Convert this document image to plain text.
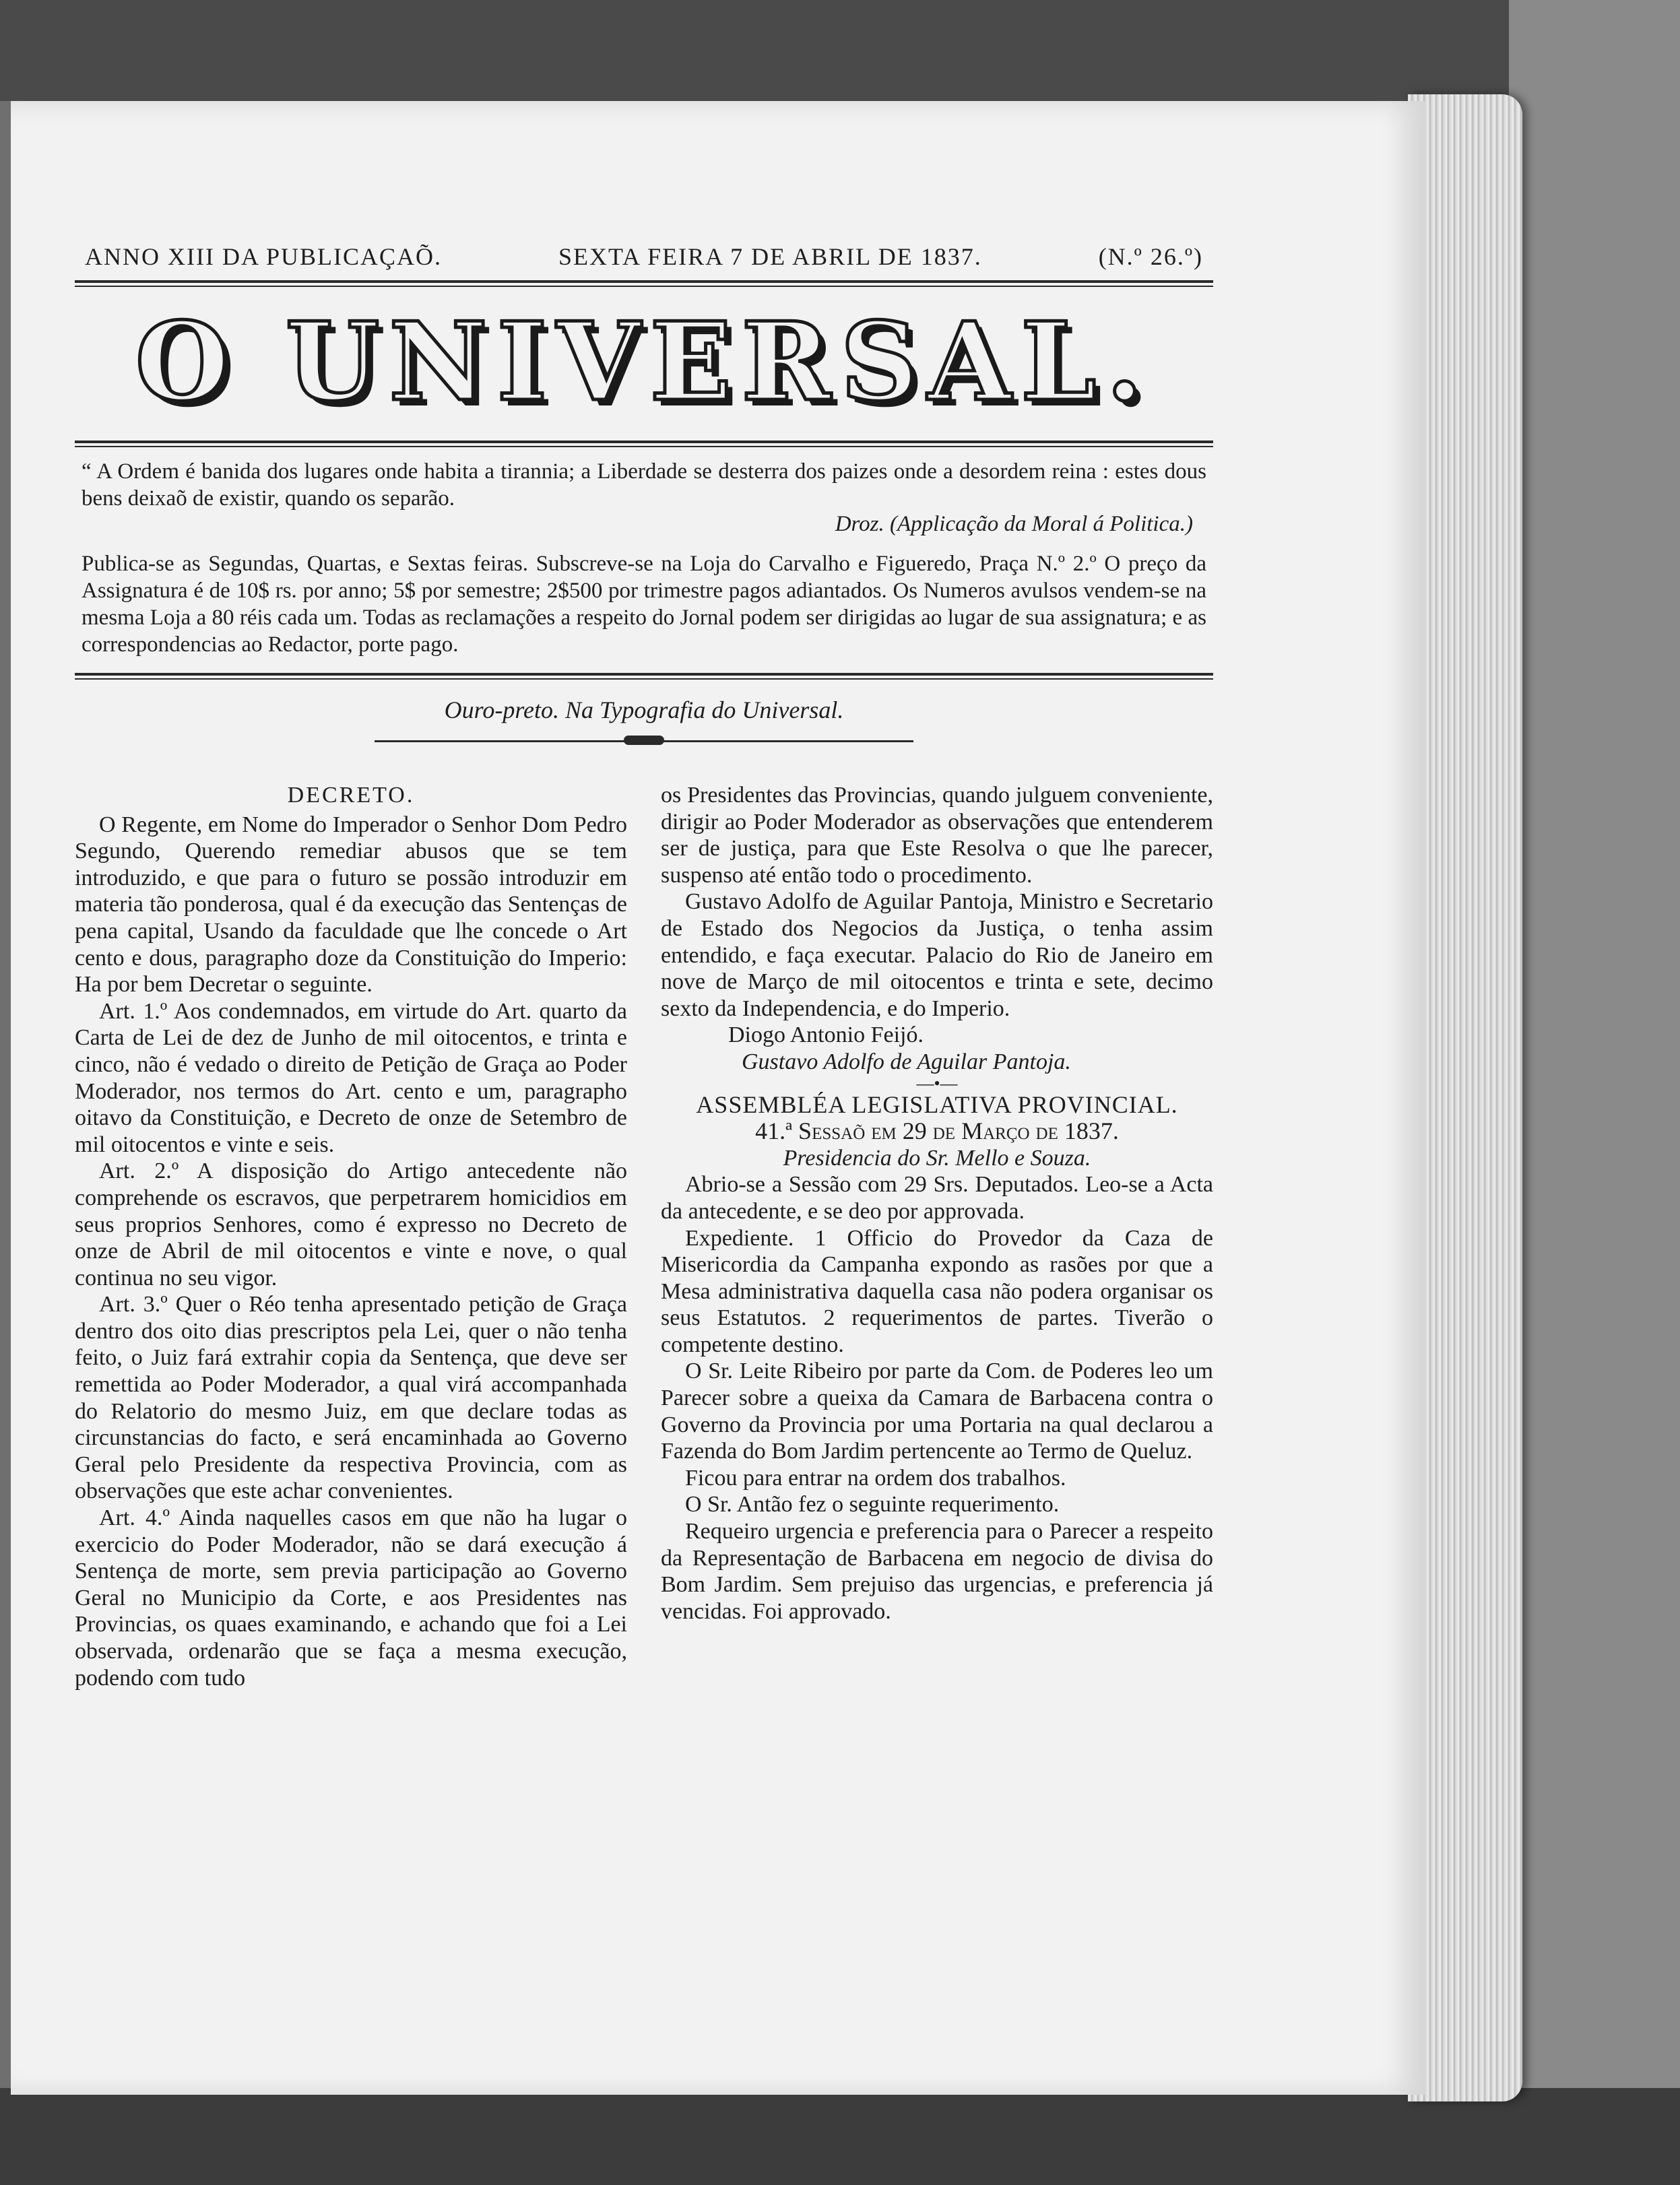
ANNO XIII DA PUBLICAÇAÕ.	SEXTA FEIRA 7 DE ABRIL DE 1837.	(N.º 26.º)
O UNIVERSAL.
“ A Ordem é banida dos lugares onde habita a tirannia; a Liberdade se desterra dos paizes onde a desordem reina : estes dous bens deixaõ de existir, quando os separão.
Droz. (Applicação da Moral á Politica.)
Publica-se as Segundas, Quartas, e Sextas feiras. Subscreve-se na Loja do Carvalho e Figueredo, Praça N.º 2.º O preço da Assignatura é de 10$ rs. por anno; 5$ por semestre; 2$500 por trimestre pagos adiantados. Os Numeros avulsos vendem-se na mesma Loja a 80 réis cada um. Todas as reclamações a respeito do Jornal podem ser dirigidas ao lugar de sua assignatura; e as correspondencias ao Redactor, porte pago.
Ouro-preto. Na Typografia do Universal.
DECRETO.

O Regente, em Nome do Imperador o Senhor Dom Pedro Segundo, Querendo remediar abusos que se tem introduzido, e que para o futuro se possão introduzir em materia tão ponderosa, qual é da execução das Sentenças de pena capital, Usando da faculdade que lhe concede o Art cento e dous, paragrapho doze da Constituição do Imperio: Ha por bem Decretar o seguinte.

Art. 1.º Aos condemnados, em virtude do Art. quarto da Carta de Lei de dez de Junho de mil oitocentos, e trinta e cinco, não é vedado o direito de Petição de Graça ao Poder Moderador, nos termos do Art. cento e um, paragrapho oitavo da Constituição, e Decreto de onze de Setembro de mil oitocentos e vinte e seis.

Art. 2.º A disposição do Artigo antecedente não comprehende os escravos, que perpetrarem homicidios em seus proprios Senhores, como é expresso no Decreto de onze de Abril de mil oitocentos e vinte e nove, o qual continua no seu vigor.

Art. 3.º Quer o Réo tenha apresentado petição de Graça dentro dos oito dias prescriptos pela Lei, quer o não tenha feito, o Juiz fará extrahir copia da Sentença, que deve ser remettida ao Poder Moderador, a qual virá accompanhada do Relatorio do mesmo Juiz, em que declare todas as circunstancias do facto, e será encaminhada ao Governo Geral pelo Presidente da respectiva Provincia, com as observações que este achar convenientes.

Art. 4.º Ainda naquelles casos em que não ha lugar o exercicio do Poder Moderador, não se dará execução á Sentença de morte, sem previa participação ao Governo Geral no Municipio da Corte, e aos Presidentes nas Provincias, os quaes examinando, e achando que foi a Lei observada, ordenarão que se faça a mesma execução, podendo com tudo

os Presidentes das Provincias, quando julguem conveniente, dirigir ao Poder Moderador as observações que entenderem ser de justiça, para que Este Resolva o que lhe parecer, suspenso até então todo o procedimento.

Gustavo Adolfo de Aguilar Pantoja, Ministro e Secretario de Estado dos Negocios da Justiça, o tenha assim entendido, e faça executar. Palacio do Rio de Janeiro em nove de Março de mil oitocentos e trinta e sete, decimo sexto da Independencia, e do Imperio.

Diogo Antonio Feijó.

Gustavo Adolfo de Aguilar Pantoja.

—•—
ASSEMBLÉA LEGISLATIVA PROVINCIAL.
41.ª Sessaõ em 29 de Março de 1837.
Presidencia do Sr. Mello e Souza.

Abrio-se a Sessão com 29 Srs. Deputados. Leo-se a Acta da antecedente, e se deo por approvada.

Expediente. 1 Officio do Provedor da Caza de Misericordia da Campanha expondo as rasões por que a Mesa administrativa daquella casa não podera organisar os seus Estatutos. 2 requerimentos de partes. Tiverão o competente destino.

O Sr. Leite Ribeiro por parte da Com. de Poderes leo um Parecer sobre a queixa da Camara de Barbacena contra o Governo da Provincia por uma Portaria na qual declarou a Fazenda do Bom Jardim pertencente ao Termo de Queluz.

Ficou para entrar na ordem dos trabalhos.

O Sr. Antão fez o seguinte requerimento.

Requeiro urgencia e preferencia para o Parecer a respeito da Representação de Barbacena em negocio de divisa do Bom Jardim. Sem prejuiso das urgencias, e preferencia já vencidas. Foi approvado.
